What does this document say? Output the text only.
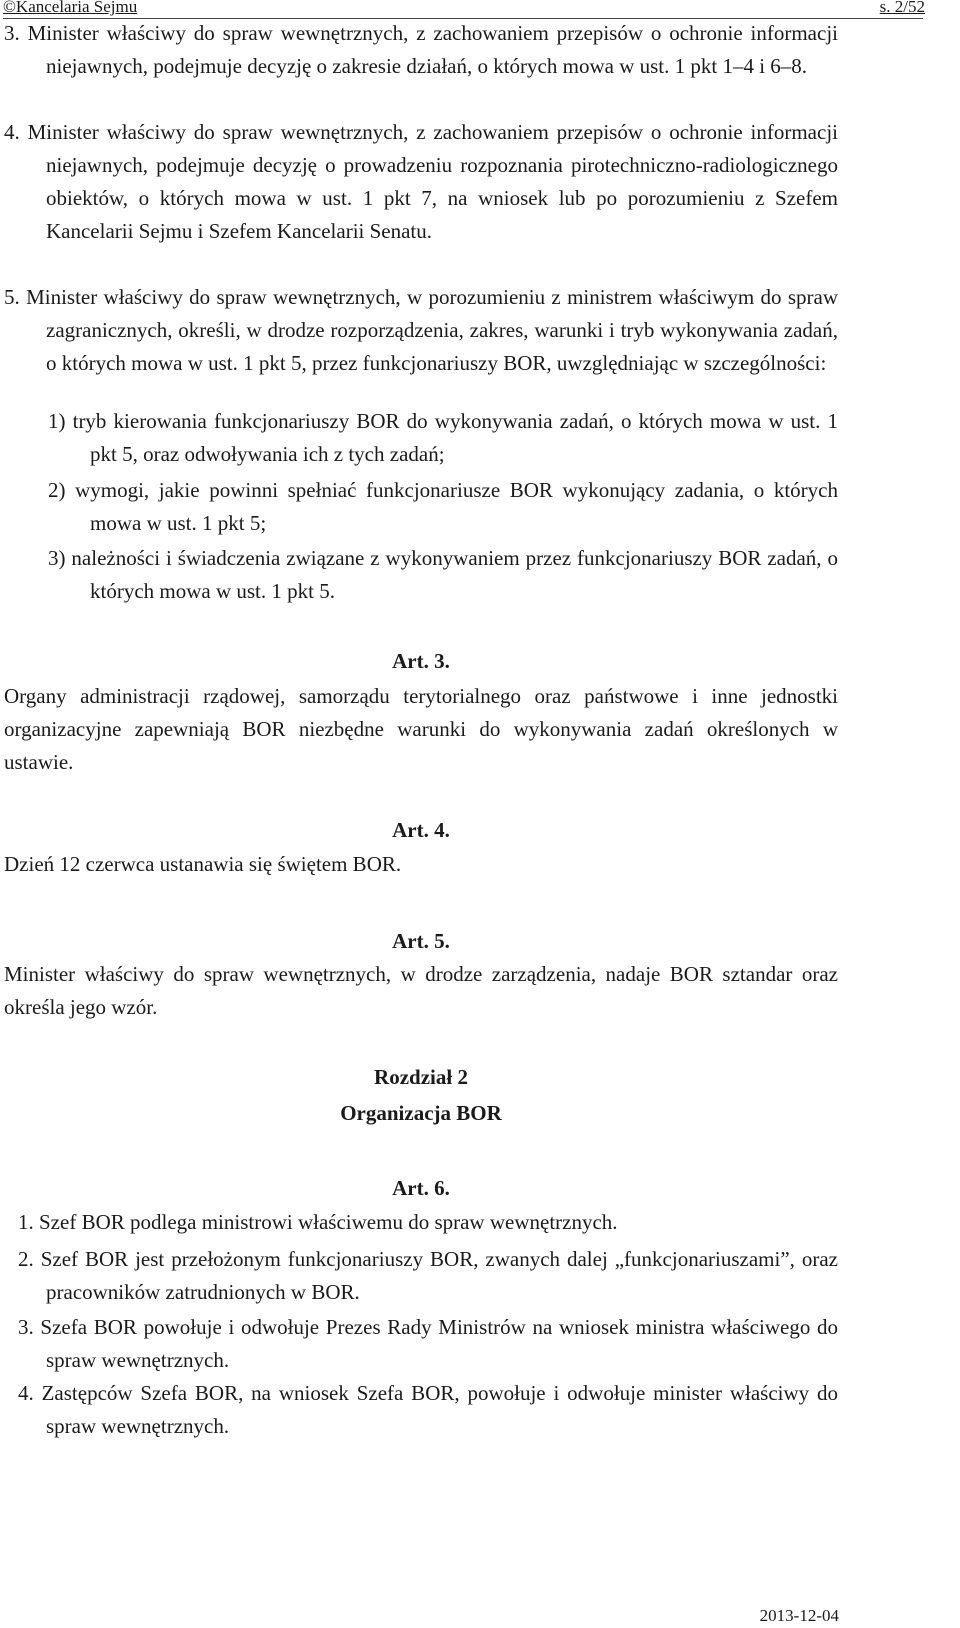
©Kancelaria Sejmu	s. 2/52
3. Minister właściwy do spraw wewnętrznych, z zachowaniem przepisów o ochronie informacji niejawnych, podejmuje decyzję o zakresie działań, o których mowa w ust. 1 pkt 1–4 i 6–8.
4. Minister właściwy do spraw wewnętrznych, z zachowaniem przepisów o ochronie informacji niejawnych, podejmuje decyzję o prowadzeniu rozpoznania pirotechniczno-radiologicznego obiektów, o których mowa w ust. 1 pkt 7, na wniosek lub po porozumieniu z Szefem Kancelarii Sejmu i Szefem Kancelarii Senatu.
5. Minister właściwy do spraw wewnętrznych, w porozumieniu z ministrem właściwym do spraw zagranicznych, określi, w drodze rozporządzenia, zakres, warunki i tryb wykonywania zadań, o których mowa w ust. 1 pkt 5, przez funkcjonariuszy BOR, uwzględniając w szczególności:
1) tryb kierowania funkcjonariuszy BOR do wykonywania zadań, o których mowa w ust. 1 pkt 5, oraz odwoływania ich z tych zadań;
2) wymogi, jakie powinni spełniać funkcjonariusze BOR wykonujący zadania, o których mowa w ust. 1 pkt 5;
3) należności i świadczenia związane z wykonywaniem przez funkcjonariuszy BOR zadań, o których mowa w ust. 1 pkt 5.
Art. 3.
Organy administracji rządowej, samorządu terytorialnego oraz państwowe i inne jednostki organizacyjne zapewniają BOR niezbędne warunki do wykonywania zadań określonych w ustawie.
Art. 4.
Dzień 12 czerwca ustanawia się świętem BOR.
Art. 5.
Minister właściwy do spraw wewnętrznych, w drodze zarządzenia, nadaje BOR sztandar oraz określa jego wzór.
Rozdział 2
Organizacja BOR
Art. 6.
1. Szef BOR podlega ministrowi właściwemu do spraw wewnętrznych.
2. Szef BOR jest przełożonym funkcjonariuszy BOR, zwanych dalej „funkcjonariuszami”, oraz pracowników zatrudnionych w BOR.
3. Szefa BOR powołuje i odwołuje Prezes Rady Ministrów na wniosek ministra właściwego do spraw wewnętrznych.
4. Zastępców Szefa BOR, na wniosek Szefa BOR, powołuje i odwołuje minister właściwy do spraw wewnętrznych.
2013-12-04
